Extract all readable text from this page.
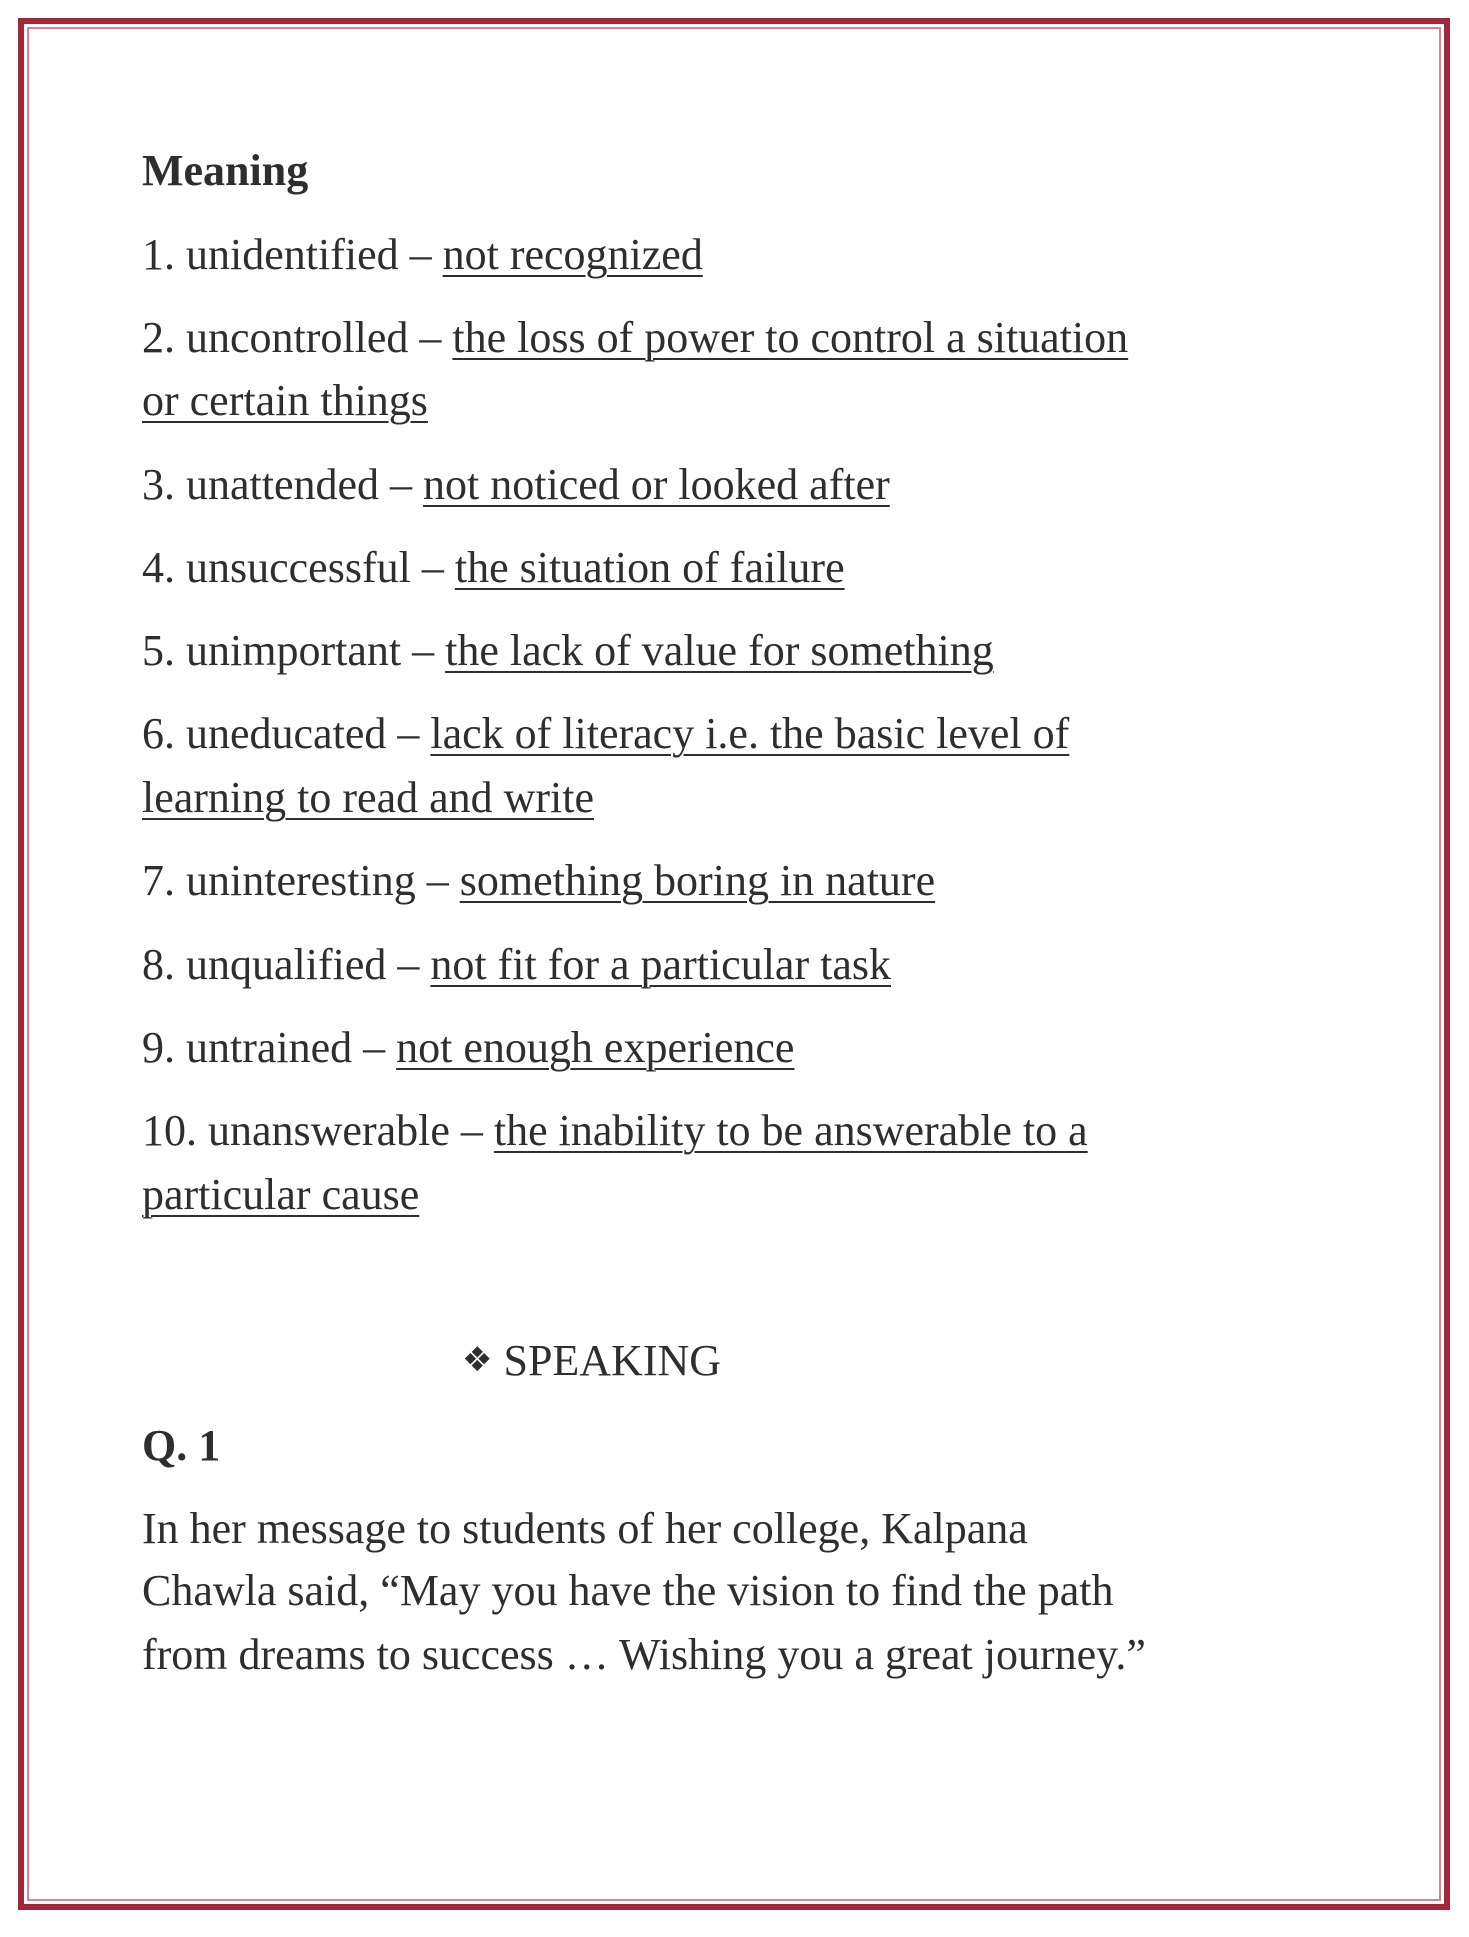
Meaning
1. unidentified – not recognized
2. uncontrolled – the loss of power to control a situation
or certain things
3. unattended – not noticed or looked after
4. unsuccessful – the situation of failure
5. unimportant – the lack of value for something
6. uneducated – lack of literacy i.e. the basic level of
learning to read and write
7. uninteresting – something boring in nature
8. unqualified – not fit for a particular task
9. untrained – not enough experience
10. unanswerable – the inability to be answerable to a
particular cause
❖ SPEAKING
Q. 1
In her message to students of her college, Kalpana
Chawla said, “May you have the vision to find the path
from dreams to success … Wishing you a great journey.”
